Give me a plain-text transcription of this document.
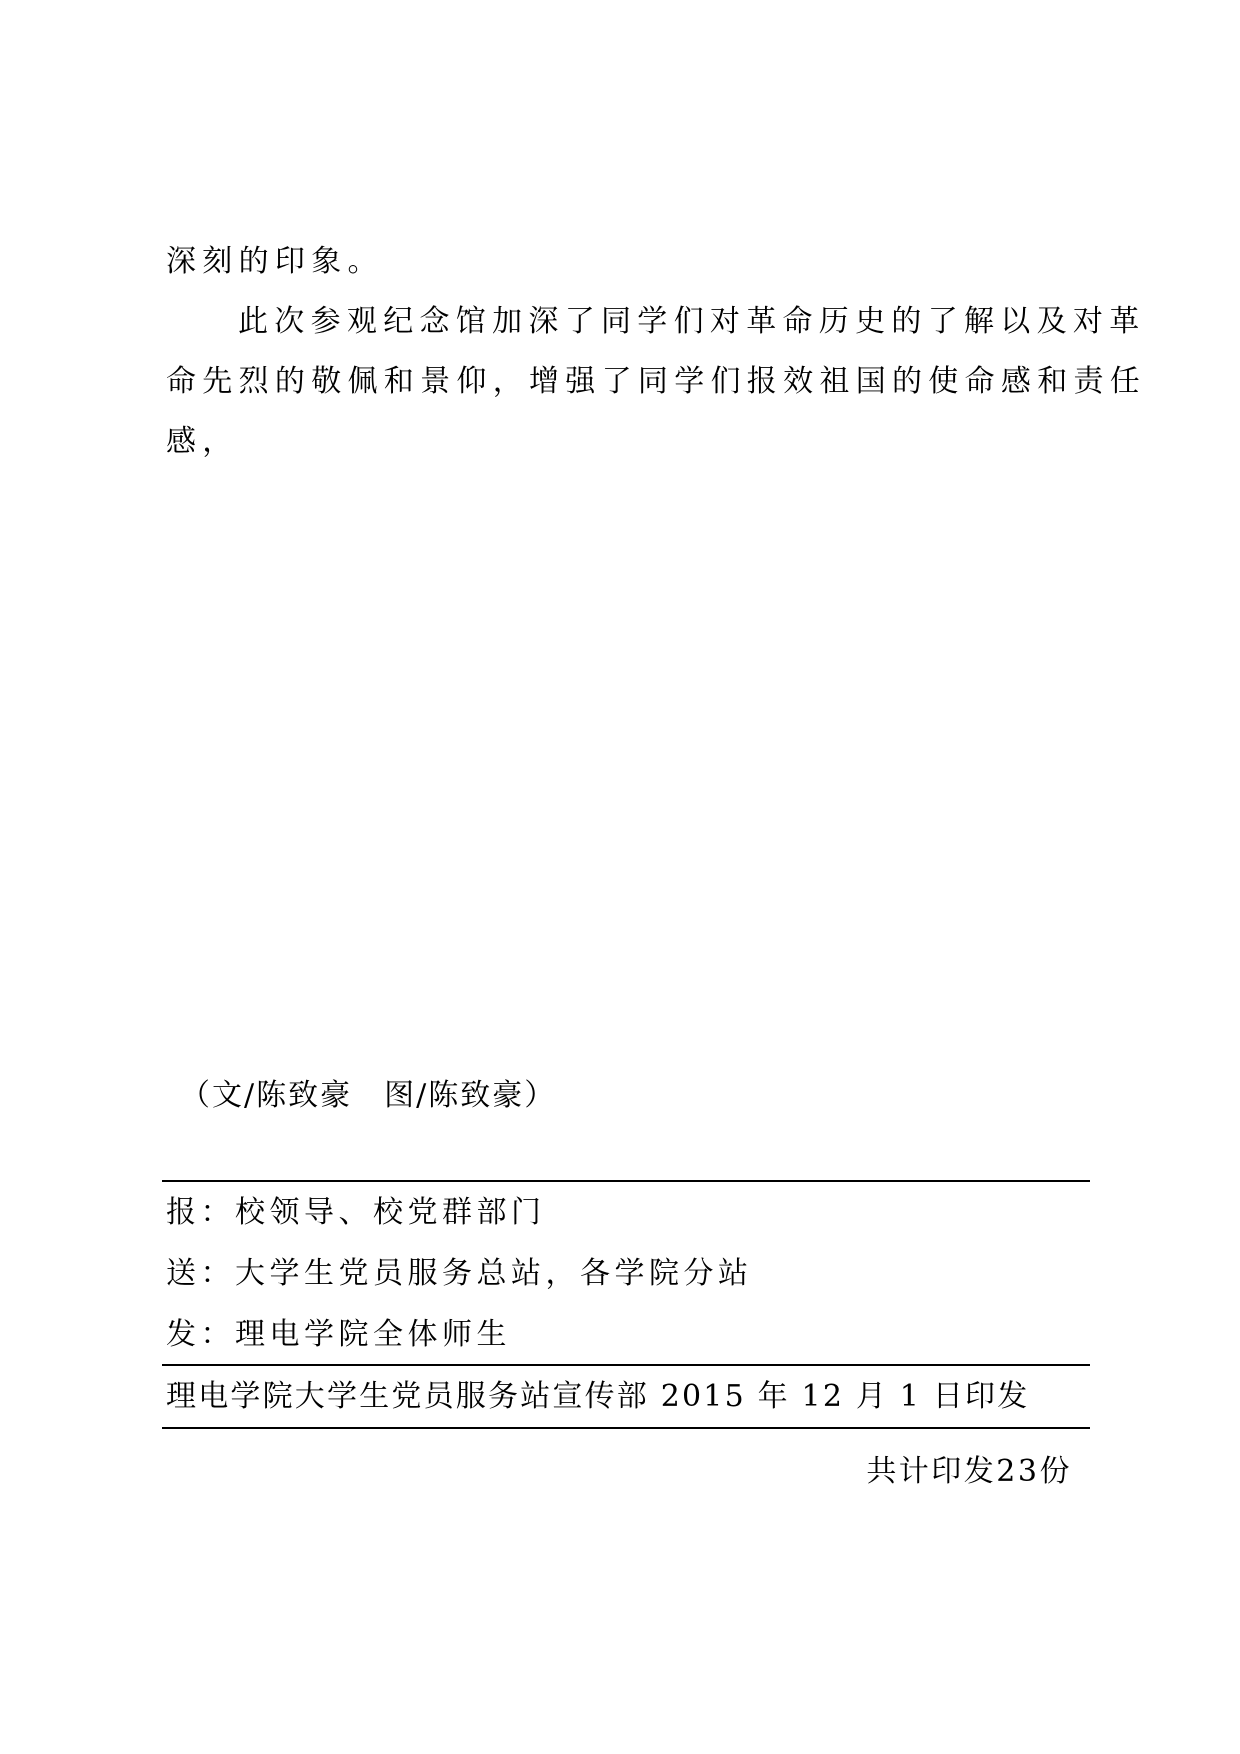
深刻的印象。

此次参观纪念馆加深了同学们对革命历史的了解以及对革
命先烈的敬佩和景仰，增强了同学们报效祖国的使命感和责任
感，

（文/陈致豪　图/陈致豪）

报：校领导、校党群部门

送：大学生党员服务总站，各学院分站

发：理电学院全体师生

理电学院大学生党员服务站宣传部 2015 年 12 月 1 日印发

共计印发23份
